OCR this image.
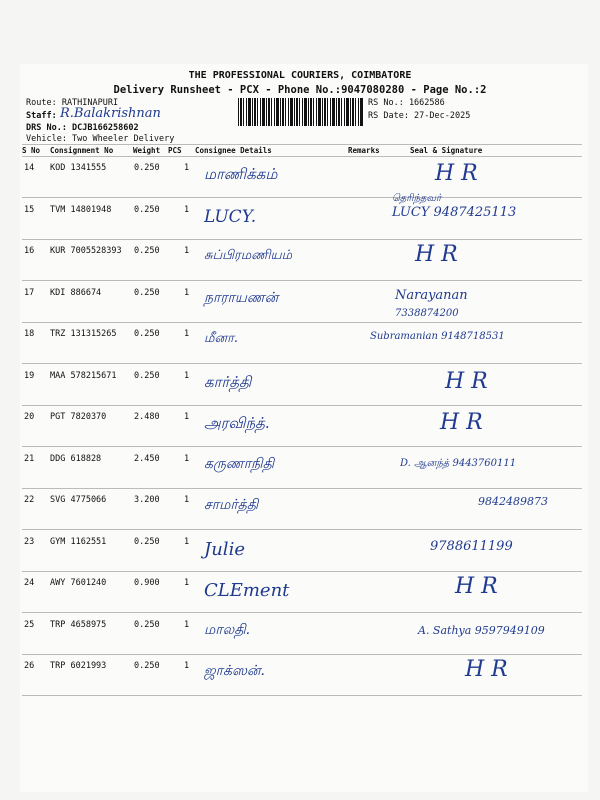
THE PROFESSIONAL COURIERS, COIMBATORE
Delivery Runsheet - PCX - Phone No.:9047080280 - Page No.:2
Route: RATHINAPURI
Staff: R.Balakrishnan
DRS No.: DCJB166258602
Vehicle: Two Wheeler Delivery
RS No.: 1662586
RS Date: 27-Dec-2025
S No Consignment No	Weight PCS Consignee Details	Remarks	Seal & Signature
14 KOD 1341555	0.250	1 மாணிக்கம்	H R
15 TVM 14801948	0.250	1 LUCY.	LUCY 9487425113
தெரிந்தவர்
16 KUR 7005528393 0.250	1 சுப்பிரமணியம்	H R
17 KDI 886674	0.250	1 நாராயணன்	Narayanan
7338874200
18 TRZ 131315265 0.250	1 மீனா.	Subramanian 9148718531
19 MAA 578215671 0.250	1 கார்த்தி	H R
20 PGT 7820370	2.480	1 அரவிந்த்.	H R
21 DDG 618828	2.450	1 கருணாநிதி	D. ஆனந்த் 9443760111
22 SVG 4775066	3.200	1 சாமர்த்தி	9842489873
23 GYM 1162551	0.250	1 Julie	9788611199
24 AWY 7601240	0.900	1 CLEment	H R
25 TRP 4658975	0.250	1 மாலதி.	A. Sathya 9597949109
26 TRP 6021993	0.250	1 ஜாக்ஸன்.	H R
